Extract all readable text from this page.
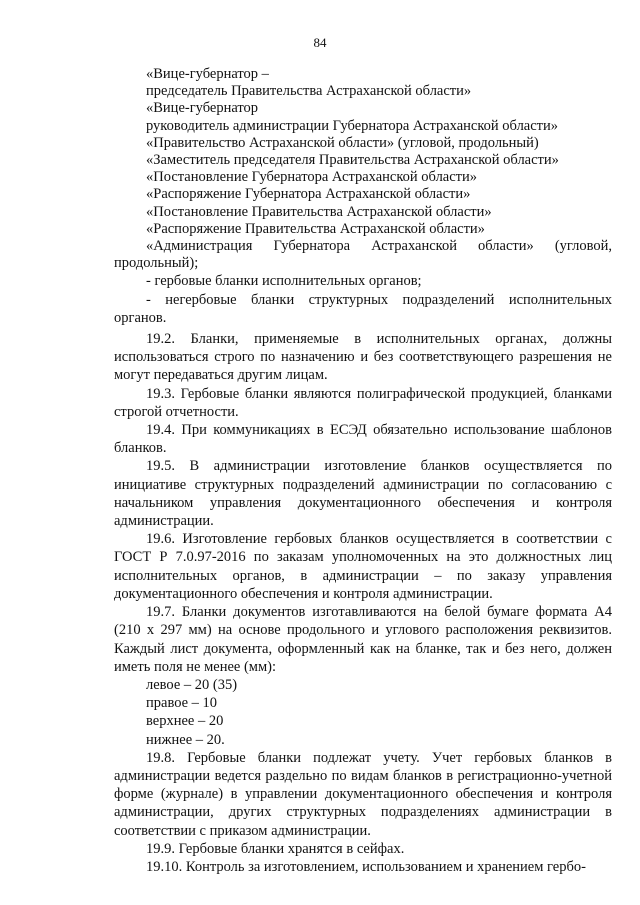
84

«Вице-губернатор –

председатель Правительства Астраханской области»

«Вице-губернатор

руководитель администрации Губернатора Астраханской области»

«Правительство Астраханской области» (угловой, продольный)

«Заместитель председателя Правительства Астраханской области»

«Постановление Губернатора Астраханской области»

«Распоряжение Губернатора Астраханской области»

«Постановление Правительства Астраханской области»

«Распоряжение Правительства Астраханской области»

«Администрация Губернатора Астраханской области» (угловой, продольный);

- гербовые бланки исполнительных органов;

- негербовые бланки структурных подразделений исполнительных органов.

19.2. Бланки, применяемые в исполнительных органах, должны использоваться строго по назначению и без соответствующего разрешения не могут передаваться другим лицам.

19.3. Гербовые бланки являются полиграфической продукцией, бланками строгой отчетности.

19.4. При коммуникациях в ЕСЭД обязательно использование шаблонов бланков.

19.5. В администрации изготовление бланков осуществляется по инициативе структурных подразделений администрации по согласованию с начальником управления документационного обеспечения и контроля администрации.

19.6. Изготовление гербовых бланков осуществляется в соответствии с ГОСТ Р 7.0.97-2016 по заказам уполномоченных на это должностных лиц исполнительных органов, в администрации – по заказу управления документационного обеспечения и контроля администрации.

19.7. Бланки документов изготавливаются на белой бумаге формата А4 (210 х 297 мм) на основе продольного и углового расположения реквизитов. Каждый лист документа, оформленный как на бланке, так и без него, должен иметь поля не менее (мм):

левое – 20 (35)

правое – 10

верхнее – 20

нижнее – 20.

19.8. Гербовые бланки подлежат учету. Учет гербовых бланков в администрации ведется раздельно по видам бланков в регистрационно-учетной форме (журнале) в управлении документационного обеспечения и контроля администрации, других структурных подразделениях администрации в соответствии с приказом администрации.

19.9. Гербовые бланки хранятся в сейфах.

19.10. Контроль за изготовлением, использованием и хранением гербо-
